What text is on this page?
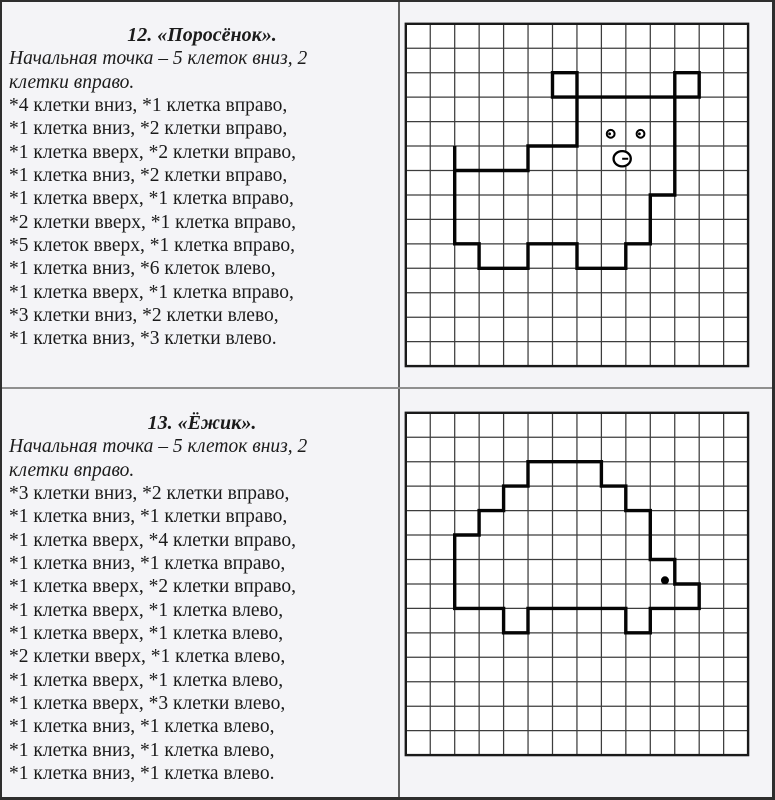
12. «Поросёнок».
Начальная точка – 5 клеток вниз, 2
клетки вправо.
*4 клетки вниз, *1 клетка вправо,
*1 клетка вниз, *2 клетки вправо,
*1 клетка вверх, *2 клетки вправо,
*1 клетка вниз, *2 клетки вправо,
*1 клетка вверх, *1 клетка вправо,
*2 клетки вверх, *1 клетка вправо,
*5 клеток вверх, *1 клетка вправо,
*1 клетка вниз, *6 клеток влево,
*1 клетка вверх, *1 клетка вправо,
*3 клетки вниз, *2 клетки влево,
*1 клетка вниз, *3 клетки влево.
13. «Ёжик».
Начальная точка – 5 клеток вниз, 2
клетки вправо.
*3 клетки вниз, *2 клетки вправо,
*1 клетка вниз, *1 клетки вправо,
*1 клетка вверх, *4 клетки вправо,
*1 клетка вниз, *1 клетка вправо,
*1 клетка вверх, *2 клетки вправо,
*1 клетка вверх, *1 клетка влево,
*1 клетка вверх, *1 клетка влево,
*2 клетки вверх, *1 клетка влево,
*1 клетка вверх, *1 клетка влево,
*1 клетка вверх, *3 клетки влево,
*1 клетка вниз, *1 клетка влево,
*1 клетка вниз, *1 клетка влево,
*1 клетка вниз, *1 клетка влево.
